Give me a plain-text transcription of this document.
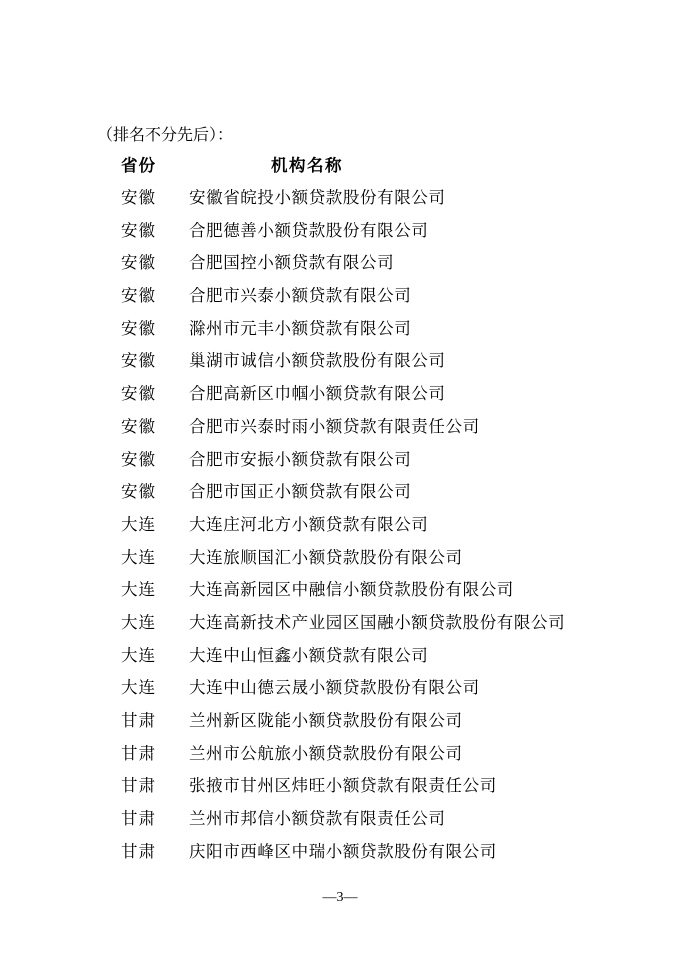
（排名不分先后）：
省份	机构名称
安徽 安徽省皖投小额贷款股份有限公司
安徽 合肥德善小额贷款股份有限公司
安徽 合肥国控小额贷款有限公司
安徽 合肥市兴泰小额贷款有限公司
安徽 滁州市元丰小额贷款有限公司
安徽 巢湖市诚信小额贷款股份有限公司
安徽 合肥高新区巾帼小额贷款有限公司
安徽 合肥市兴泰时雨小额贷款有限责任公司
安徽 合肥市安振小额贷款有限公司
安徽 合肥市国正小额贷款有限公司
大连 大连庄河北方小额贷款有限公司
大连 大连旅顺国汇小额贷款股份有限公司
大连 大连高新园区中融信小额贷款股份有限公司
大连 大连高新技术产业园区国融小额贷款股份有限公司
大连 大连中山恒鑫小额贷款有限公司
大连 大连中山德云晟小额贷款股份有限公司
甘肃 兰州新区陇能小额贷款股份有限公司
甘肃 兰州市公航旅小额贷款股份有限公司
甘肃 张掖市甘州区炜旺小额贷款有限责任公司
甘肃 兰州市邦信小额贷款有限责任公司
甘肃 庆阳市西峰区中瑞小额贷款股份有限公司
—3—
